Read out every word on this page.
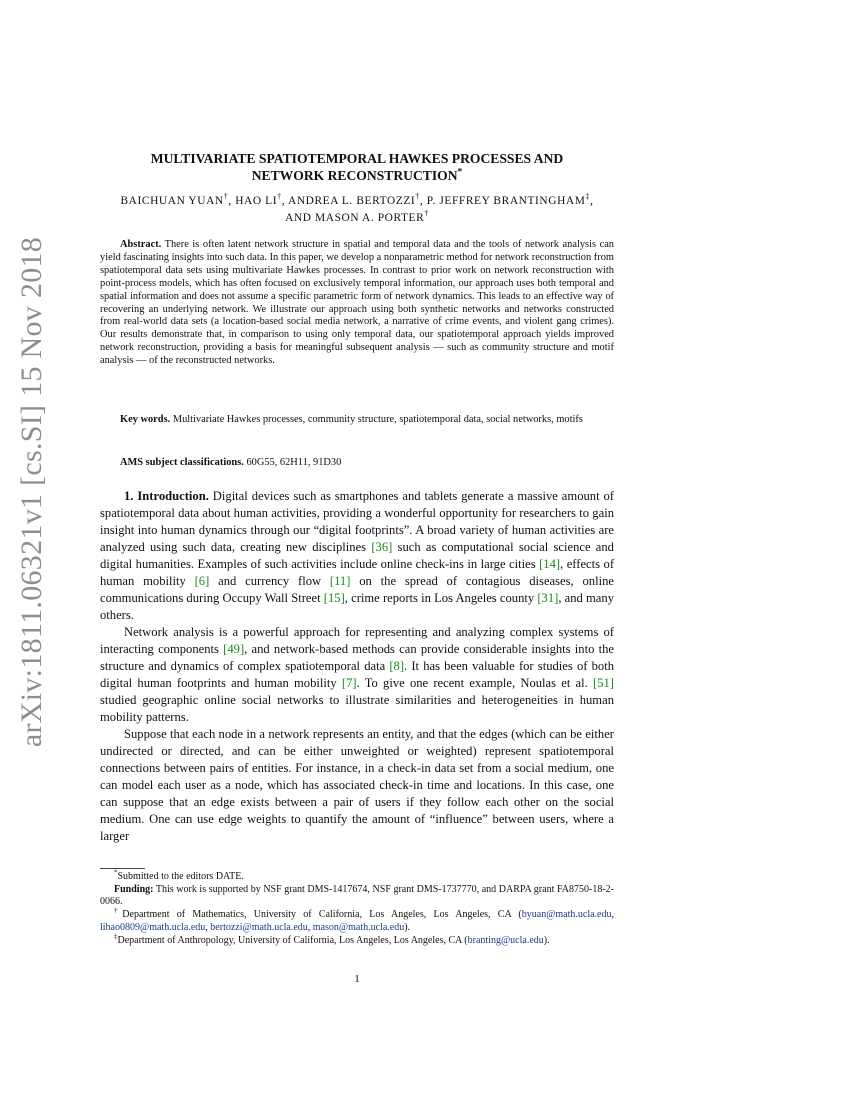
arXiv:1811.06321v1 [cs.SI] 15 Nov 2018
MULTIVARIATE SPATIOTEMPORAL HAWKES PROCESSES AND
NETWORK RECONSTRUCTION*
BAICHUAN YUAN†, HAO LI†, ANDREA L. BERTOZZI†, P. JEFFREY BRANTINGHAM‡,
AND MASON A. PORTER†
Abstract. There is often latent network structure in spatial and temporal data and the tools of network analysis can yield fascinating insights into such data. In this paper, we develop a nonparametric method for network reconstruction from spatiotemporal data sets using multivariate Hawkes processes. In contrast to prior work on network reconstruction with point-process models, which has often focused on exclusively temporal information, our approach uses both temporal and spatial information and does not assume a specific parametric form of network dynamics. This leads to an effective way of recovering an underlying network. We illustrate our approach using both synthetic networks and networks constructed from real-world data sets (a location-based social media network, a narrative of crime events, and violent gang crimes). Our results demonstrate that, in comparison to using only temporal data, our spatiotemporal approach yields improved network reconstruction, providing a basis for meaningful subsequent analysis — such as community structure and motif analysis — of the reconstructed networks.
Key words. Multivariate Hawkes processes, community structure, spatiotemporal data, social networks, motifs
AMS subject classifications. 60G55, 62H11, 91D30

1. Introduction. Digital devices such as smartphones and tablets generate a massive amount of spatiotemporal data about human activities, providing a wonderful opportunity for researchers to gain insight into human dynamics through our “digital footprints”. A broad variety of human activities are analyzed using such data, creating new disciplines [36] such as computational social science and digital humanities. Examples of such activities include online check-ins in large cities [14], effects of human mobility [6] and currency flow [11] on the spread of contagious diseases, online communications during Occupy Wall Street [15], crime reports in Los Angeles county [31], and many others.

Network analysis is a powerful approach for representing and analyzing complex systems of interacting components [49], and network-based methods can provide considerable insights into the structure and dynamics of complex spatiotemporal data [8]. It has been valuable for studies of both digital human footprints and human mobility [7]. To give one recent example, Noulas et al. [51] studied geographic online social networks to illustrate similarities and heterogeneities in human mobility patterns.

Suppose that each node in a network represents an entity, and that the edges (which can be either undirected or directed, and can be either unweighted or weighted) represent spatiotemporal connections between pairs of entities. For instance, in a check-in data set from a social medium, one can model each user as a node, which has associated check-in time and locations. In this case, one can suppose that an edge exists between a pair of users if they follow each other on the social medium. One can use edge weights to quantify the amount of “influence” between users, where a larger

*Submitted to the editors DATE.
Funding: This work is supported by NSF grant DMS-1417674, NSF grant DMS-1737770, and DARPA grant FA8750-18-2-0066.
†Department of Mathematics, University of California, Los Angeles, Los Angeles, CA (byuan@math.ucla.edu, lihao0809@math.ucla.edu, bertozzi@math.ucla.edu, mason@math.ucla.edu).
‡Department of Anthropology, University of California, Los Angeles, Los Angeles, CA (branting@ucla.edu).
1
